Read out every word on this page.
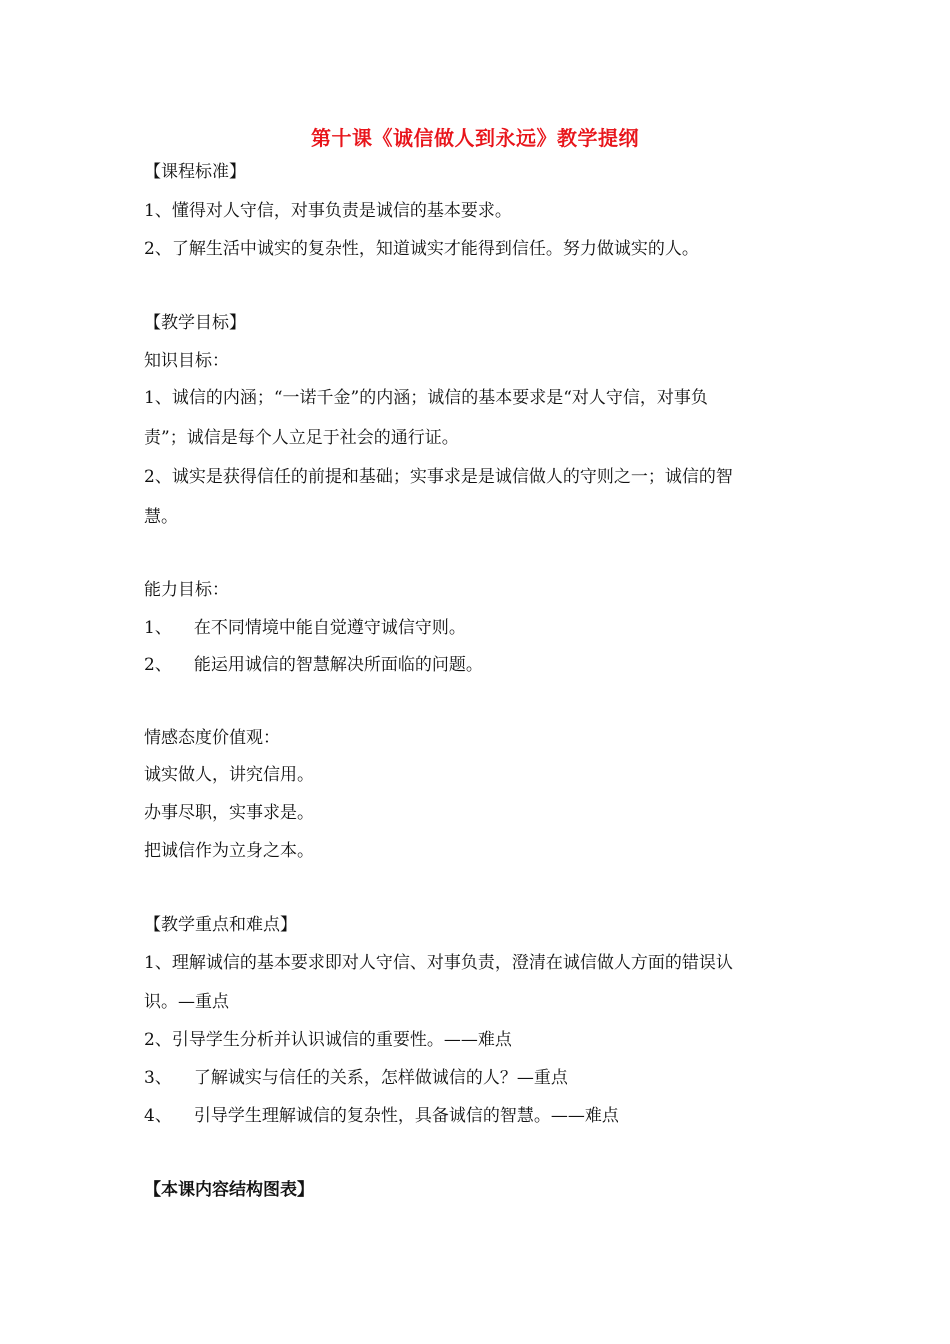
第十课《诚信做人到永远》教学提纲
【课程标准】
1、懂得对人守信，对事负责是诚信的基本要求。
2、了解生活中诚实的复杂性，知道诚实才能得到信任。努力做诚实的人。
【教学目标】
知识目标：
1、诚信的内涵；“一诺千金”的内涵；诚信的基本要求是“对人守信，对事负
责”；诚信是每个人立足于社会的通行证。
2、诚实是获得信任的前提和基础；实事求是是诚信做人的守则之一；诚信的智
慧。
能力目标：
1、 在不同情境中能自觉遵守诚信守则。
2、 能运用诚信的智慧解决所面临的问题。
情感态度价值观：
诚实做人，讲究信用。
办事尽职，实事求是。
把诚信作为立身之本。
【教学重点和难点】
1、理解诚信的基本要求即对人守信、对事负责，澄清在诚信做人方面的错误认
识。—重点
2、引导学生分析并认识诚信的重要性。——难点
3、 了解诚实与信任的关系，怎样做诚信的人？—重点
4、 引导学生理解诚信的复杂性，具备诚信的智慧。——难点
【本课内容结构图表】
